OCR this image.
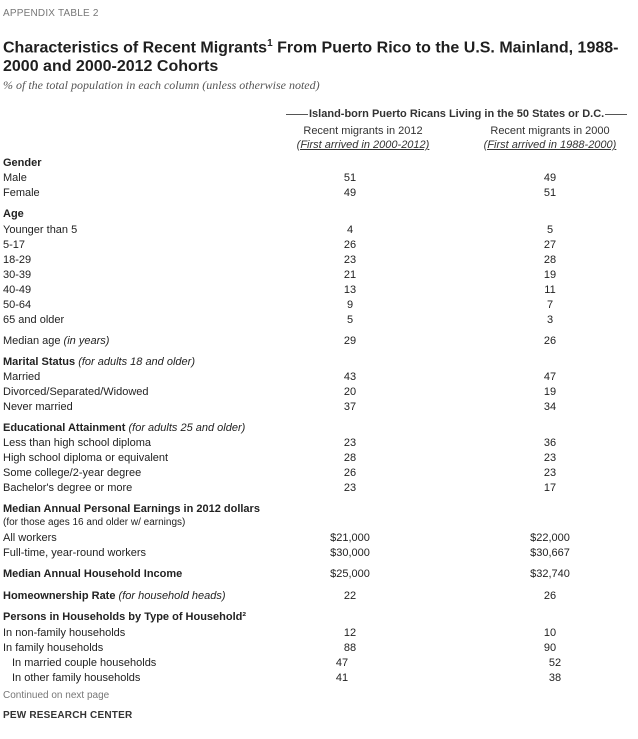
APPENDIX TABLE 2
Characteristics of Recent Migrants$^1$ From Puerto Rico to the U.S. Mainland, 1988-2000 and 2000-2012 Cohorts
% of the total population in each column (unless otherwise noted)
Island-born Puerto Ricans Living in the 50 States or D.C.
Recent migrants in 2012
(First arrived in 2000-2012)
Recent migrants in 2000
(First arrived in 1988-2000)
Gender
Male	51	49
Female	49	51
Age
Younger than 5	4	5
5-17	26	27
18-29	23	28
30-39	21	19
40-49	13	11
50-64	9	7
65 and older	5	3
Median age (in years)	29	26
Marital Status (for adults 18 and older)
Married	43	47
Divorced/Separated/Widowed	20	19
Never married	37	34
Educational Attainment (for adults 25 and older)
Less than high school diploma	23	36
High school diploma or equivalent	28	23
Some college/2-year degree	26	23
Bachelor's degree or more	23	17
Median Annual Personal Earnings in 2012 dollars
(for those ages 16 and older w/ earnings)
All workers	$21,000	$22,000
Full-time, year-round workers	$30,000	$30,667
Median Annual Household Income	$25,000	$32,740
Homeownership Rate (for household heads)	22	26
Persons in Households by Type of Household²
In non-family households	12	10
In family households	88	90
In married couple households	47	52
In other family households	41	38
Continued on next page
PEW RESEARCH CENTER
